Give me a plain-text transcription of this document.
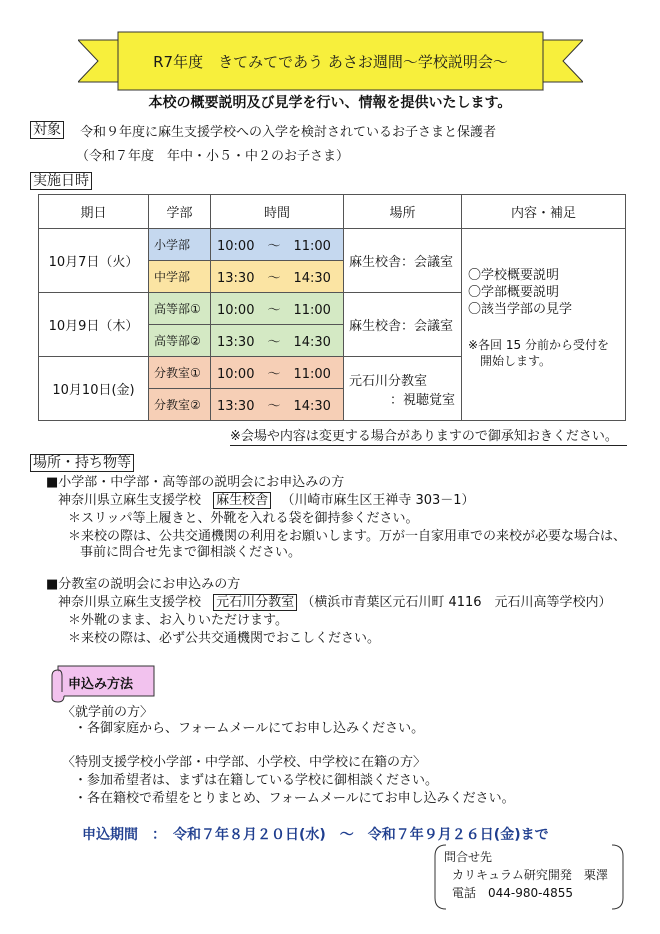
R7年度　きてみてであう あさお週間～学校説明会～
本校の概要説明及び見学を行い、情報を提供いたします。
対象 令和９年度に麻生支援学校への入学を検討されているお子さまと保護者
（令和７年度　年中・小５・中２のお子さま）
実施日時
期日	学部	時間	場所	内容・補足
10月7日（火）	小学部	10:00　～　11:00	麻生校舎：会議室	〇学校概要説明
〇学部概要説明
〇該当学部の見学
※各回 15 分前から受付を
開始します。

	中学部	13:30　～　14:30		
10月9日（木）	高等部①	10:00　～　11:00	麻生校舎：会議室	
	高等部②	13:30　～　14:30		
10月10日(金)	分教室①	10:00　～　11:00	元石川分教室
：視聴覚室	

	分教室②	13:30　～　14:30		
※会場や内容は変更する場合がありますので御承知おきください。
場所・持ち物等
■小学部・中学部・高等部の説明会にお申込みの方
神奈川県立麻生支援学校 麻生校舎 （川崎市麻生区王禅寺 303－1）
＊スリッパ等上履きと、外靴を入れる袋を御持参ください。
＊来校の際は、公共交通機関の利用をお願いします。万が一自家用車での来校が必要な場合は、
事前に問合せ先まで御相談ください。
■分教室の説明会にお申込みの方
神奈川県立麻生支援学校 元石川分教室 （横浜市青葉区元石川町 4116　元石川高等学校内）
＊外靴のまま、お入りいただけます。
＊来校の際は、必ず公共交通機関でおこしください。
申込み方法
〈就学前の方〉
・各御家庭から、フォームメールにてお申し込みください。
〈特別支援学校小学部・中学部、小学校、中学校に在籍の方〉
・参加希望者は、まずは在籍している学校に御相談ください。
・各在籍校で希望をとりまとめ、フォームメールにてお申し込みください。
申込期間　：　令和７年８月２０日(水)　～　令和７年９月２６日(金)まで
問合せ先
カリキュラム研究開発　栗澤
電話　044-980-4855
